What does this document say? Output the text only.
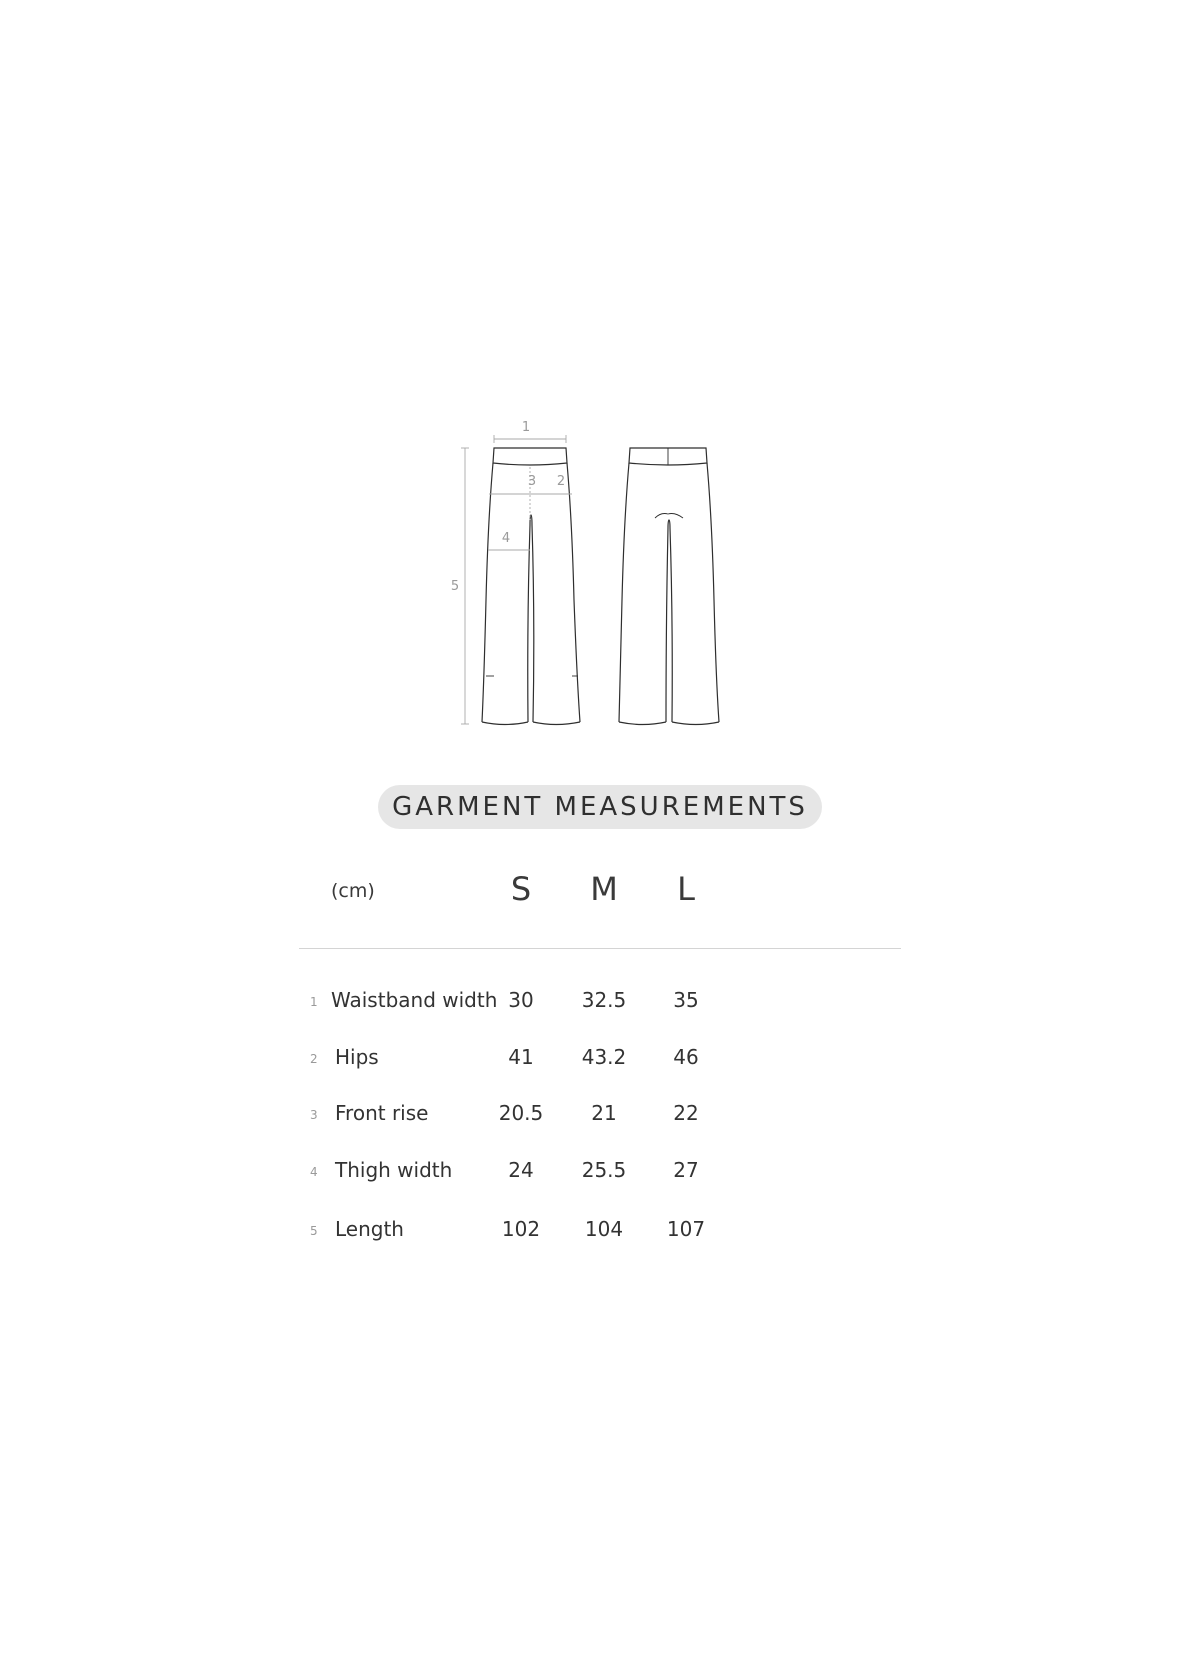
1
2
3
4
5
GARMENT MEASUREMENTS
(cm)	S	M	L
1 Waistband width 30	32.5	35
2 Hips	41	43.2	46
3 Front rise	20.5	21	22
4 Thigh width	24	25.5	27
5 Length	102	104	107
